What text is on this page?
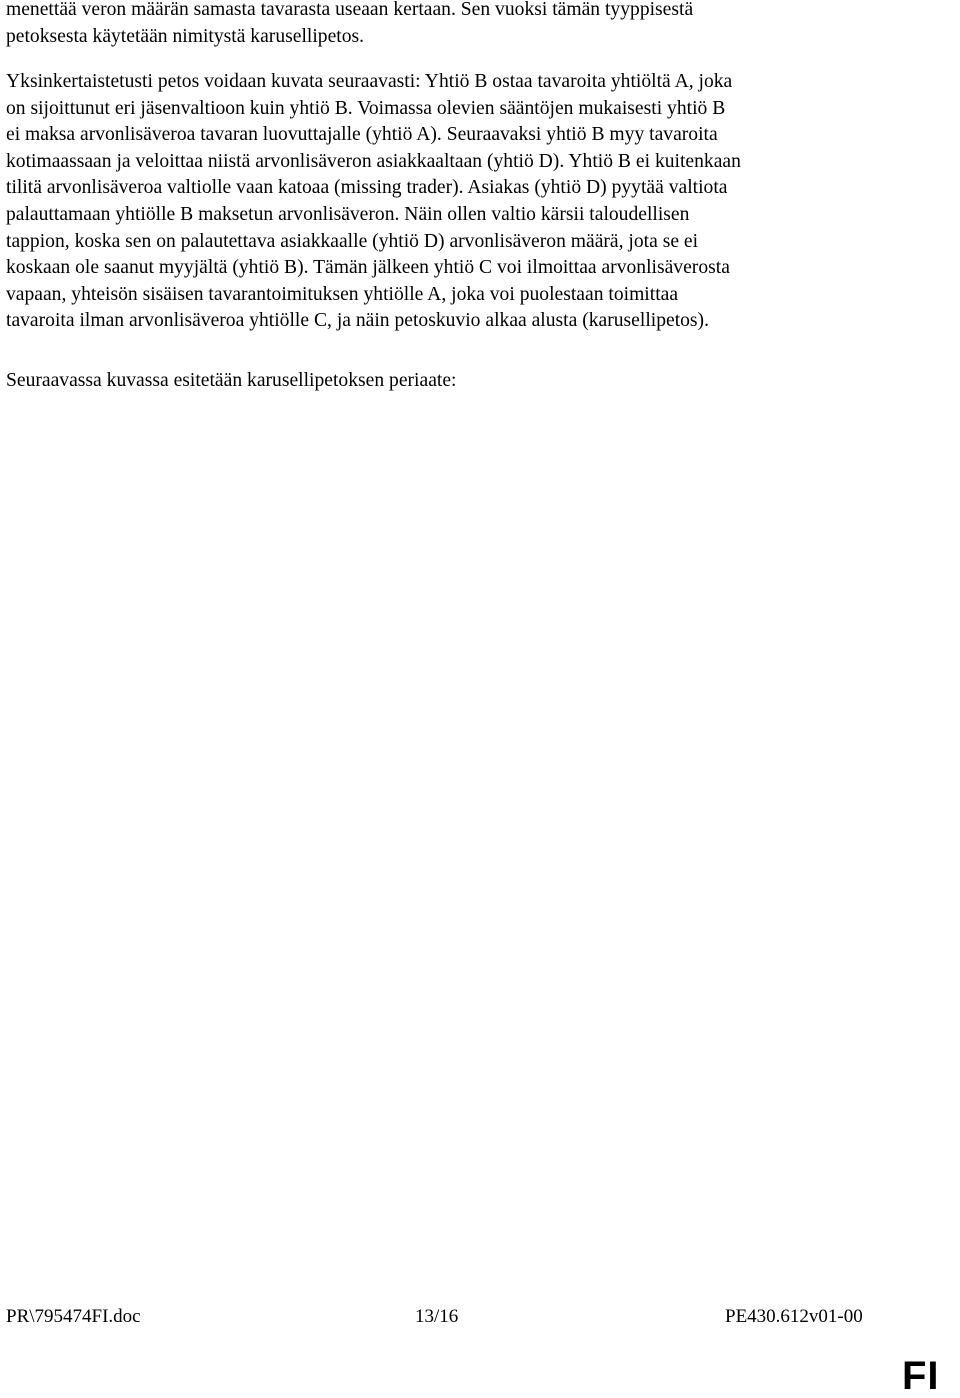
menettää veron määrän samasta tavarasta useaan kertaan. Sen vuoksi tämän tyyppisestä
petoksesta käytetään nimitystä karusellipetos.

Yksinkertaistetusti petos voidaan kuvata seuraavasti: Yhtiö B ostaa tavaroita yhtiöltä A, joka
on sijoittunut eri jäsenvaltioon kuin yhtiö B. Voimassa olevien sääntöjen mukaisesti yhtiö B
ei maksa arvonlisäveroa tavaran luovuttajalle (yhtiö A). Seuraavaksi yhtiö B myy tavaroita
kotimaassaan ja veloittaa niistä arvonlisäveron asiakkaaltaan (yhtiö D). Yhtiö B ei kuitenkaan
tilitä arvonlisäveroa valtiolle vaan katoaa (missing trader). Asiakas (yhtiö D) pyytää valtiota
palauttamaan yhtiölle B maksetun arvonlisäveron. Näin ollen valtio kärsii taloudellisen
tappion, koska sen on palautettava asiakkaalle (yhtiö D) arvonlisäveron määrä, jota se ei
koskaan ole saanut myyjältä (yhtiö B). Tämän jälkeen yhtiö C voi ilmoittaa arvonlisäverosta
vapaan, yhteisön sisäisen tavarantoimituksen yhtiölle A, joka voi puolestaan toimittaa
tavaroita ilman arvonlisäveroa yhtiölle C, ja näin petoskuvio alkaa alusta (karusellipetos).

Seuraavassa kuvassa esitetään karusellipetoksen periaate:

PR\795474FI.doc	13/16	PE430.612v01-00
FI
